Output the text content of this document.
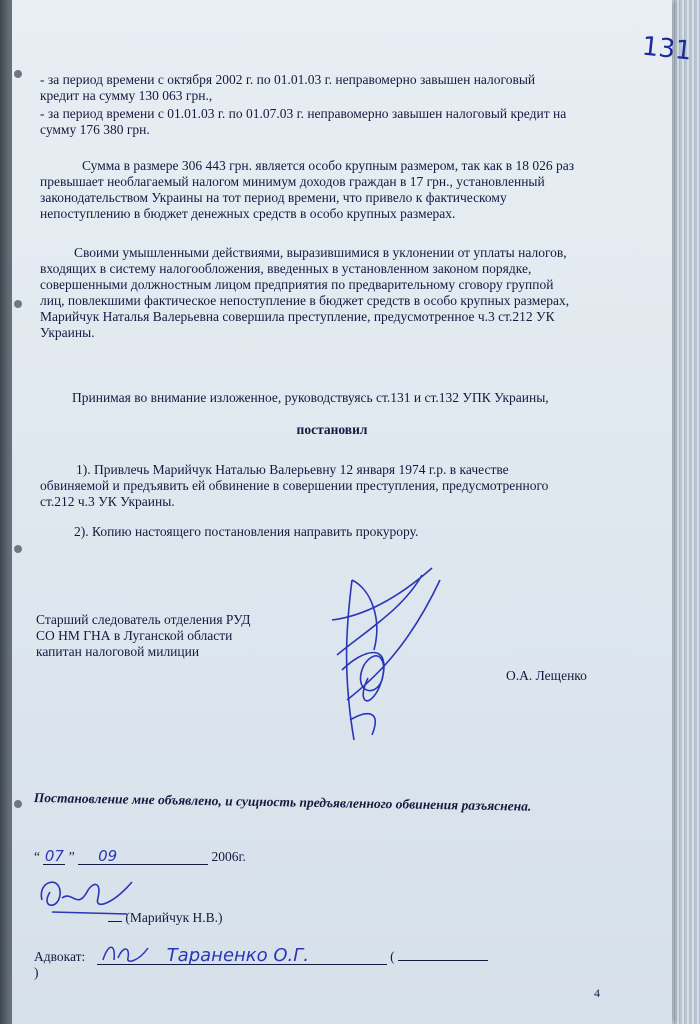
131

- за период времени с октября 2002 г. по 01.01.03 г. неправомерно завышен налоговый

кредит на сумму 130 063 грн.,

- за период времени с 01.01.03 г. по 01.07.03 г. неправомерно завышен налоговый кредит на

сумму 176 380 грн.

Сумма в размере 306 443 грн. является особо крупным размером, так как в 18 026 раз

превышает необлагаемый налогом минимум доходов граждан в 17 грн., установленный

законодательством Украины на тот период времени, что привело к фактическому

непоступлению в бюджет денежных средств в особо крупных размерах.

Своими умышленными действиями, выразившимися в уклонении от уплаты налогов,

входящих в систему налогообложения, введенных в установленном законом порядке,

совершенными должностным лицом предприятия по предварительному сговору группой

лиц, повлекшими фактическое непоступление в бюджет средств в особо крупных размерах,

Марийчук Наталья Валерьевна совершила преступление, предусмотренное ч.3 ст.212 УК

Украины.

Принимая во внимание изложенное, руководствуясь ст.131 и ст.132 УПК Украины,

постановил

1). Привлечь Марийчук Наталью Валерьевну 12 января 1974 г.р. в качестве

обвиняемой и предъявить ей обвинение в совершении преступления, предусмотренного

ст.212 ч.3 УК Украины.

2). Копию настоящего постановления направить прокурору.

Старший следователь отделения РУД

СО НМ ГНА в Луганской области

капитан налоговой милиции

О.А. Лещенко
Постановление мне объявлено, и сущность предъявленного обвинения разъяснена.
“ 07 ” 09	2006г.
(Марийчук Н.В.)
Адвокат:	Тараненко О.Г.	(  )
4
